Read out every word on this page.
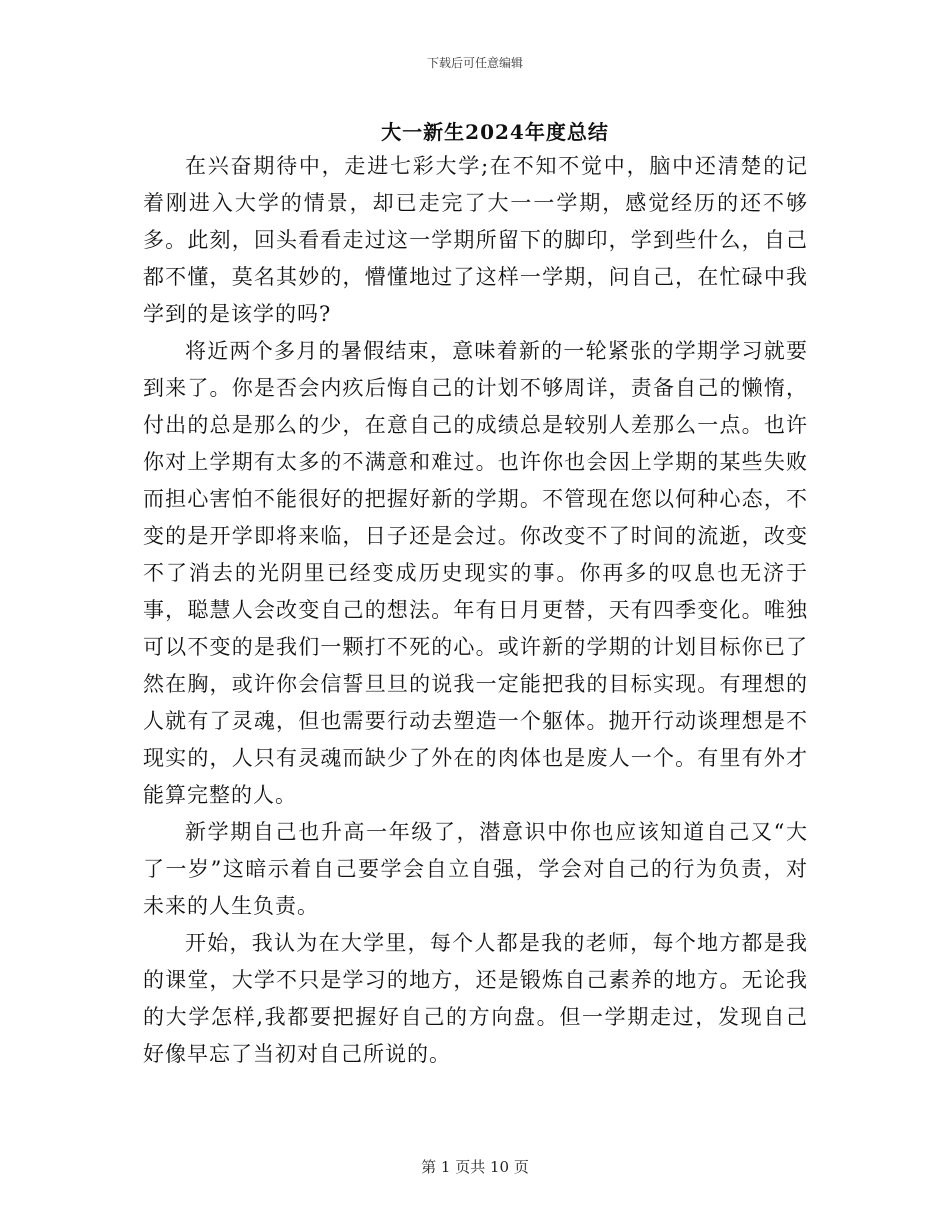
下载后可任意编辑
大一新生2024年度总结

在兴奋期待中，走进七彩大学;在不知不觉中，脑中还清楚的记着刚进入大学的情景，却已走完了大一一学期，感觉经历的还不够多。此刻，回头看看走过这一学期所留下的脚印，学到些什么，自己都不懂，莫名其妙的，懵懂地过了这样一学期，问自己，在忙碌中我学到的是该学的吗?

将近两个多月的暑假结束，意味着新的一轮紧张的学期学习就要到来了。你是否会内疚后悔自己的计划不够周详，责备自己的懒惰，付出的总是那么的少，在意自己的成绩总是较别人差那么一点。也许你对上学期有太多的不满意和难过。也许你也会因上学期的某些失败而担心害怕不能很好的把握好新的学期。不管现在您以何种心态，不变的是开学即将来临，日子还是会过。你改变不了时间的流逝，改变不了消去的光阴里已经变成历史现实的事。你再多的叹息也无济于事，聪慧人会改变自己的想法。年有日月更替，天有四季变化。唯独可以不变的是我们一颗打不死的心。或许新的学期的计划目标你已了然在胸，或许你会信誓旦旦的说我一定能把我的目标实现。有理想的人就有了灵魂，但也需要行动去塑造一个躯体。抛开行动谈理想是不现实的，人只有灵魂而缺少了外在的肉体也是废人一个。有里有外才能算完整的人。

新学期自己也升高一年级了，潜意识中你也应该知道自己又“大了一岁”这暗示着自己要学会自立自强，学会对自己的行为负责，对未来的人生负责。

开始，我认为在大学里，每个人都是我的老师，每个地方都是我的课堂，大学不只是学习的地方，还是锻炼自己素养的地方。无论我的大学怎样,我都要把握好自己的方向盘。但一学期走过，发现自己好像早忘了当初对自己所说的。

第 1 页共 10 页
